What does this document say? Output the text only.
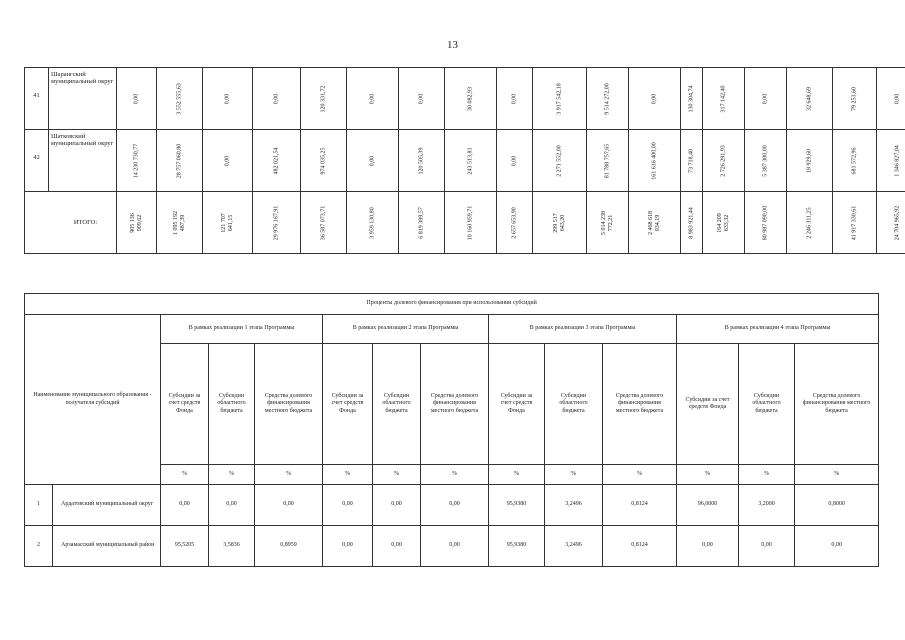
13
41	Шарангский муниципальный округ	0,00	3 552 555,63	0,00	0,00	120 331,72	0,00	0,00	30 082,93	0,00	3 917 542,18	9 514 272,00	0,00	130 304,74	317 142,40	0,00	32 648,69	79 253,60	0,00

42	Шатковский муниципальный округ	14 230 730,77	28 757 060,80	0,00	482 021,54	974 035,25	0,00	120 505,39	243 513,81	0,00	2 271 552,00	81 788 757,65	161 616 400,00	73 718,40	2 726 291,93	5 387 300,00	18 929,60	681 572,96	1 346 827,04

ИТОГО:		905 136 909,62	1 095 192 487,39	121 707 641,15	29 976 167,91	36 587 073,71	3 959 130,80	6 819 389,57	10 160 959,71	2 657 653,90	299 517 643,20	5 014 238 772,21	2 468 618 034,19	8 983 921,44	164 209 633,32	80 987 090,00	2 246 311,25	41 917 330,61	24 704 965,92
Проценты долевого финансирования при использовании субсидий													
Наименование муниципального образования - получателя субсидий		В рамках реализации 1 этапа Программы			В рамках реализации 2 этапа Программы			В рамках реализации 3 этапа Программы			В рамках реализации 4 этапа Программы		
		Субсидии за счет средств Фонда	Субсидии областного бюджета	Средства долевого финансирования местного бюджета	Субсидии за счет средств Фонда	Субсидии областного бюджета	Средства долевого финансирования местного бюджета	Субсидии за счет средств Фонда	Субсидии областного бюджета	Средства долевого финансирования местного бюджета	Субсидии за счет средств Фонда	Субсидии областного бюджета	Средства долевого финансирования местного бюджета
		%	%	%	%	%	%	%	%	%	%	%	%
1	Ардатовский муниципальный округ	0,00	0,00	0,00	0,00	0,00	0,00	95,9380	3,2496	0,8124	96,0000	3,2000	0,8000
2	Арзамасский муниципальный район	95,5205	3,5836	0,8959	0,00	0,00	0,00	95,9380	3,2496	0,8124	0,00	0,00	0,00
